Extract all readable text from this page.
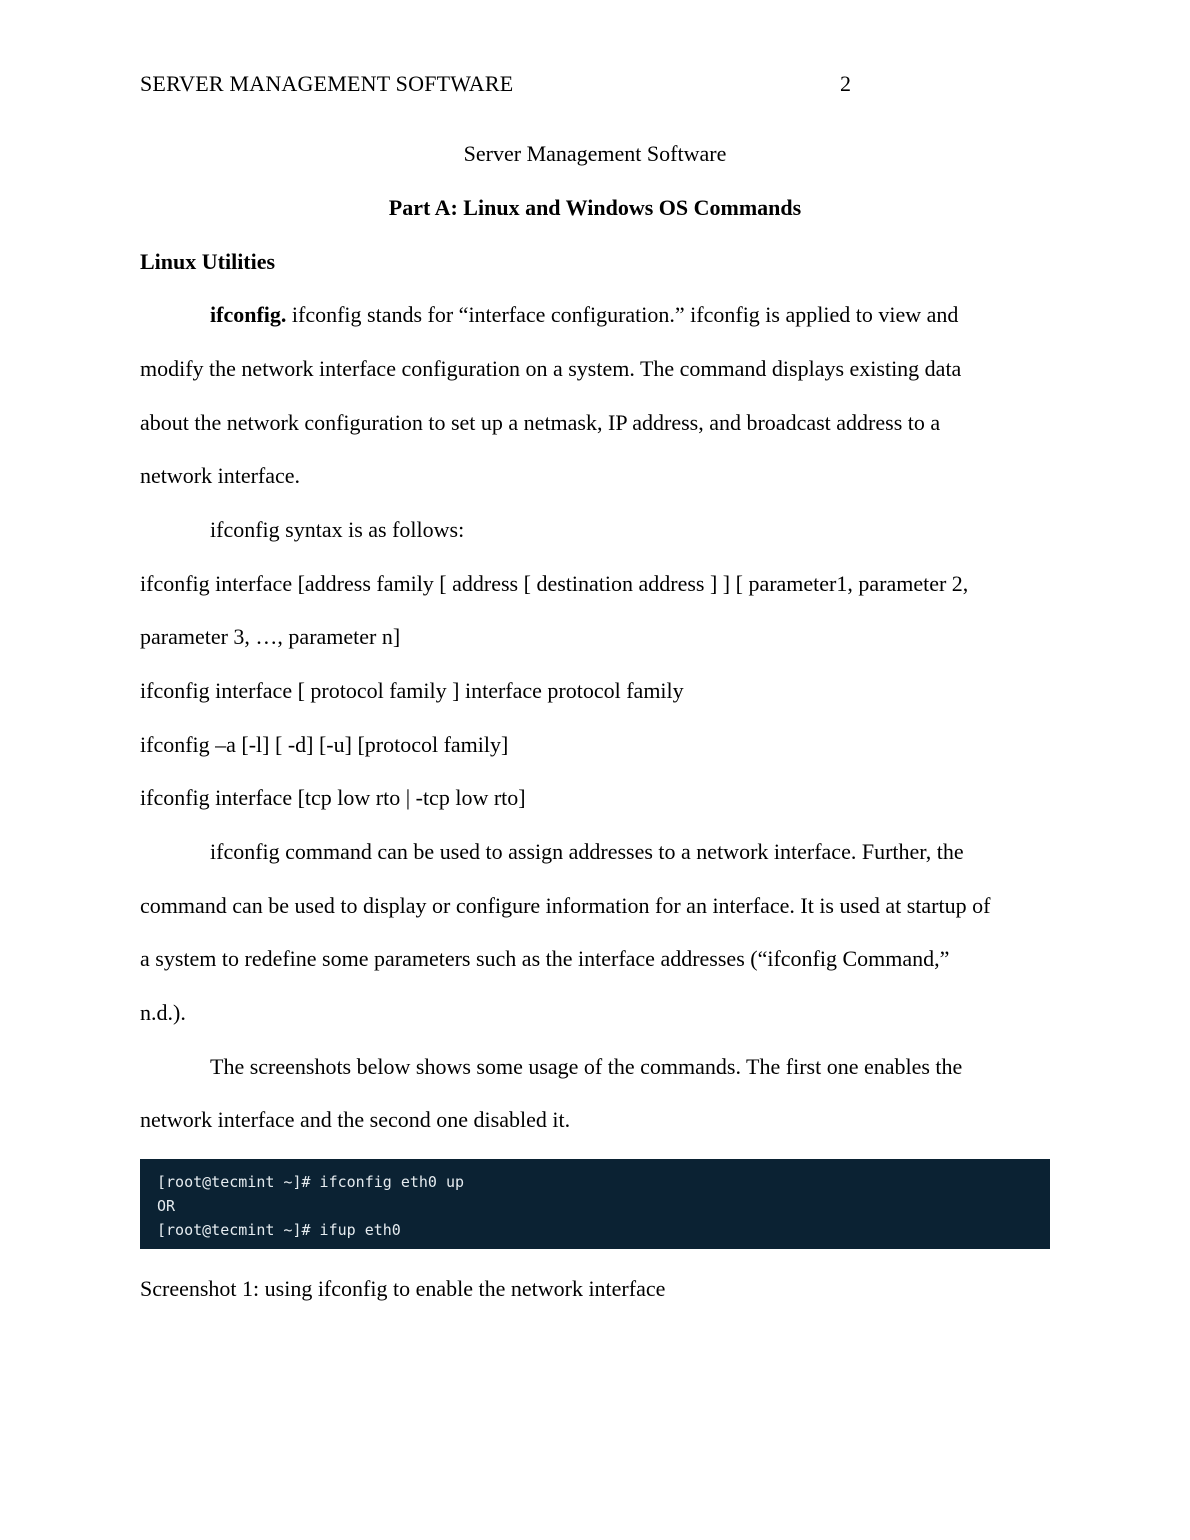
SERVER MANAGEMENT SOFTWARE	2
Server Management Software
Part A: Linux and Windows OS Commands
Linux Utilities
ifconfig. ifconfig stands for “interface configuration.” ifconfig is applied to view and
modify the network interface configuration on a system. The command displays existing data
about the network configuration to set up a netmask, IP address, and broadcast address to a
network interface.
ifconfig syntax is as follows:
ifconfig interface [address family [ address [ destination address ] ] [ parameter1, parameter 2,
parameter 3, …, parameter n]
ifconfig interface [ protocol family ] interface protocol family
ifconfig –a [-l] [ -d] [-u] [protocol family]
ifconfig interface [tcp low rto | -tcp low rto]
ifconfig command can be used to assign addresses to a network interface. Further, the
command can be used to display or configure information for an interface. It is used at startup of
a system to redefine some parameters such as the interface addresses (“ifconfig Command,”
n.d.).
The screenshots below shows some usage of the commands. The first one enables the
network interface and the second one disabled it.
[root@tecmint ~]# ifconfig eth0 up
OR
[root@tecmint ~]# ifup eth0
Screenshot 1: using ifconfig to enable the network interface
